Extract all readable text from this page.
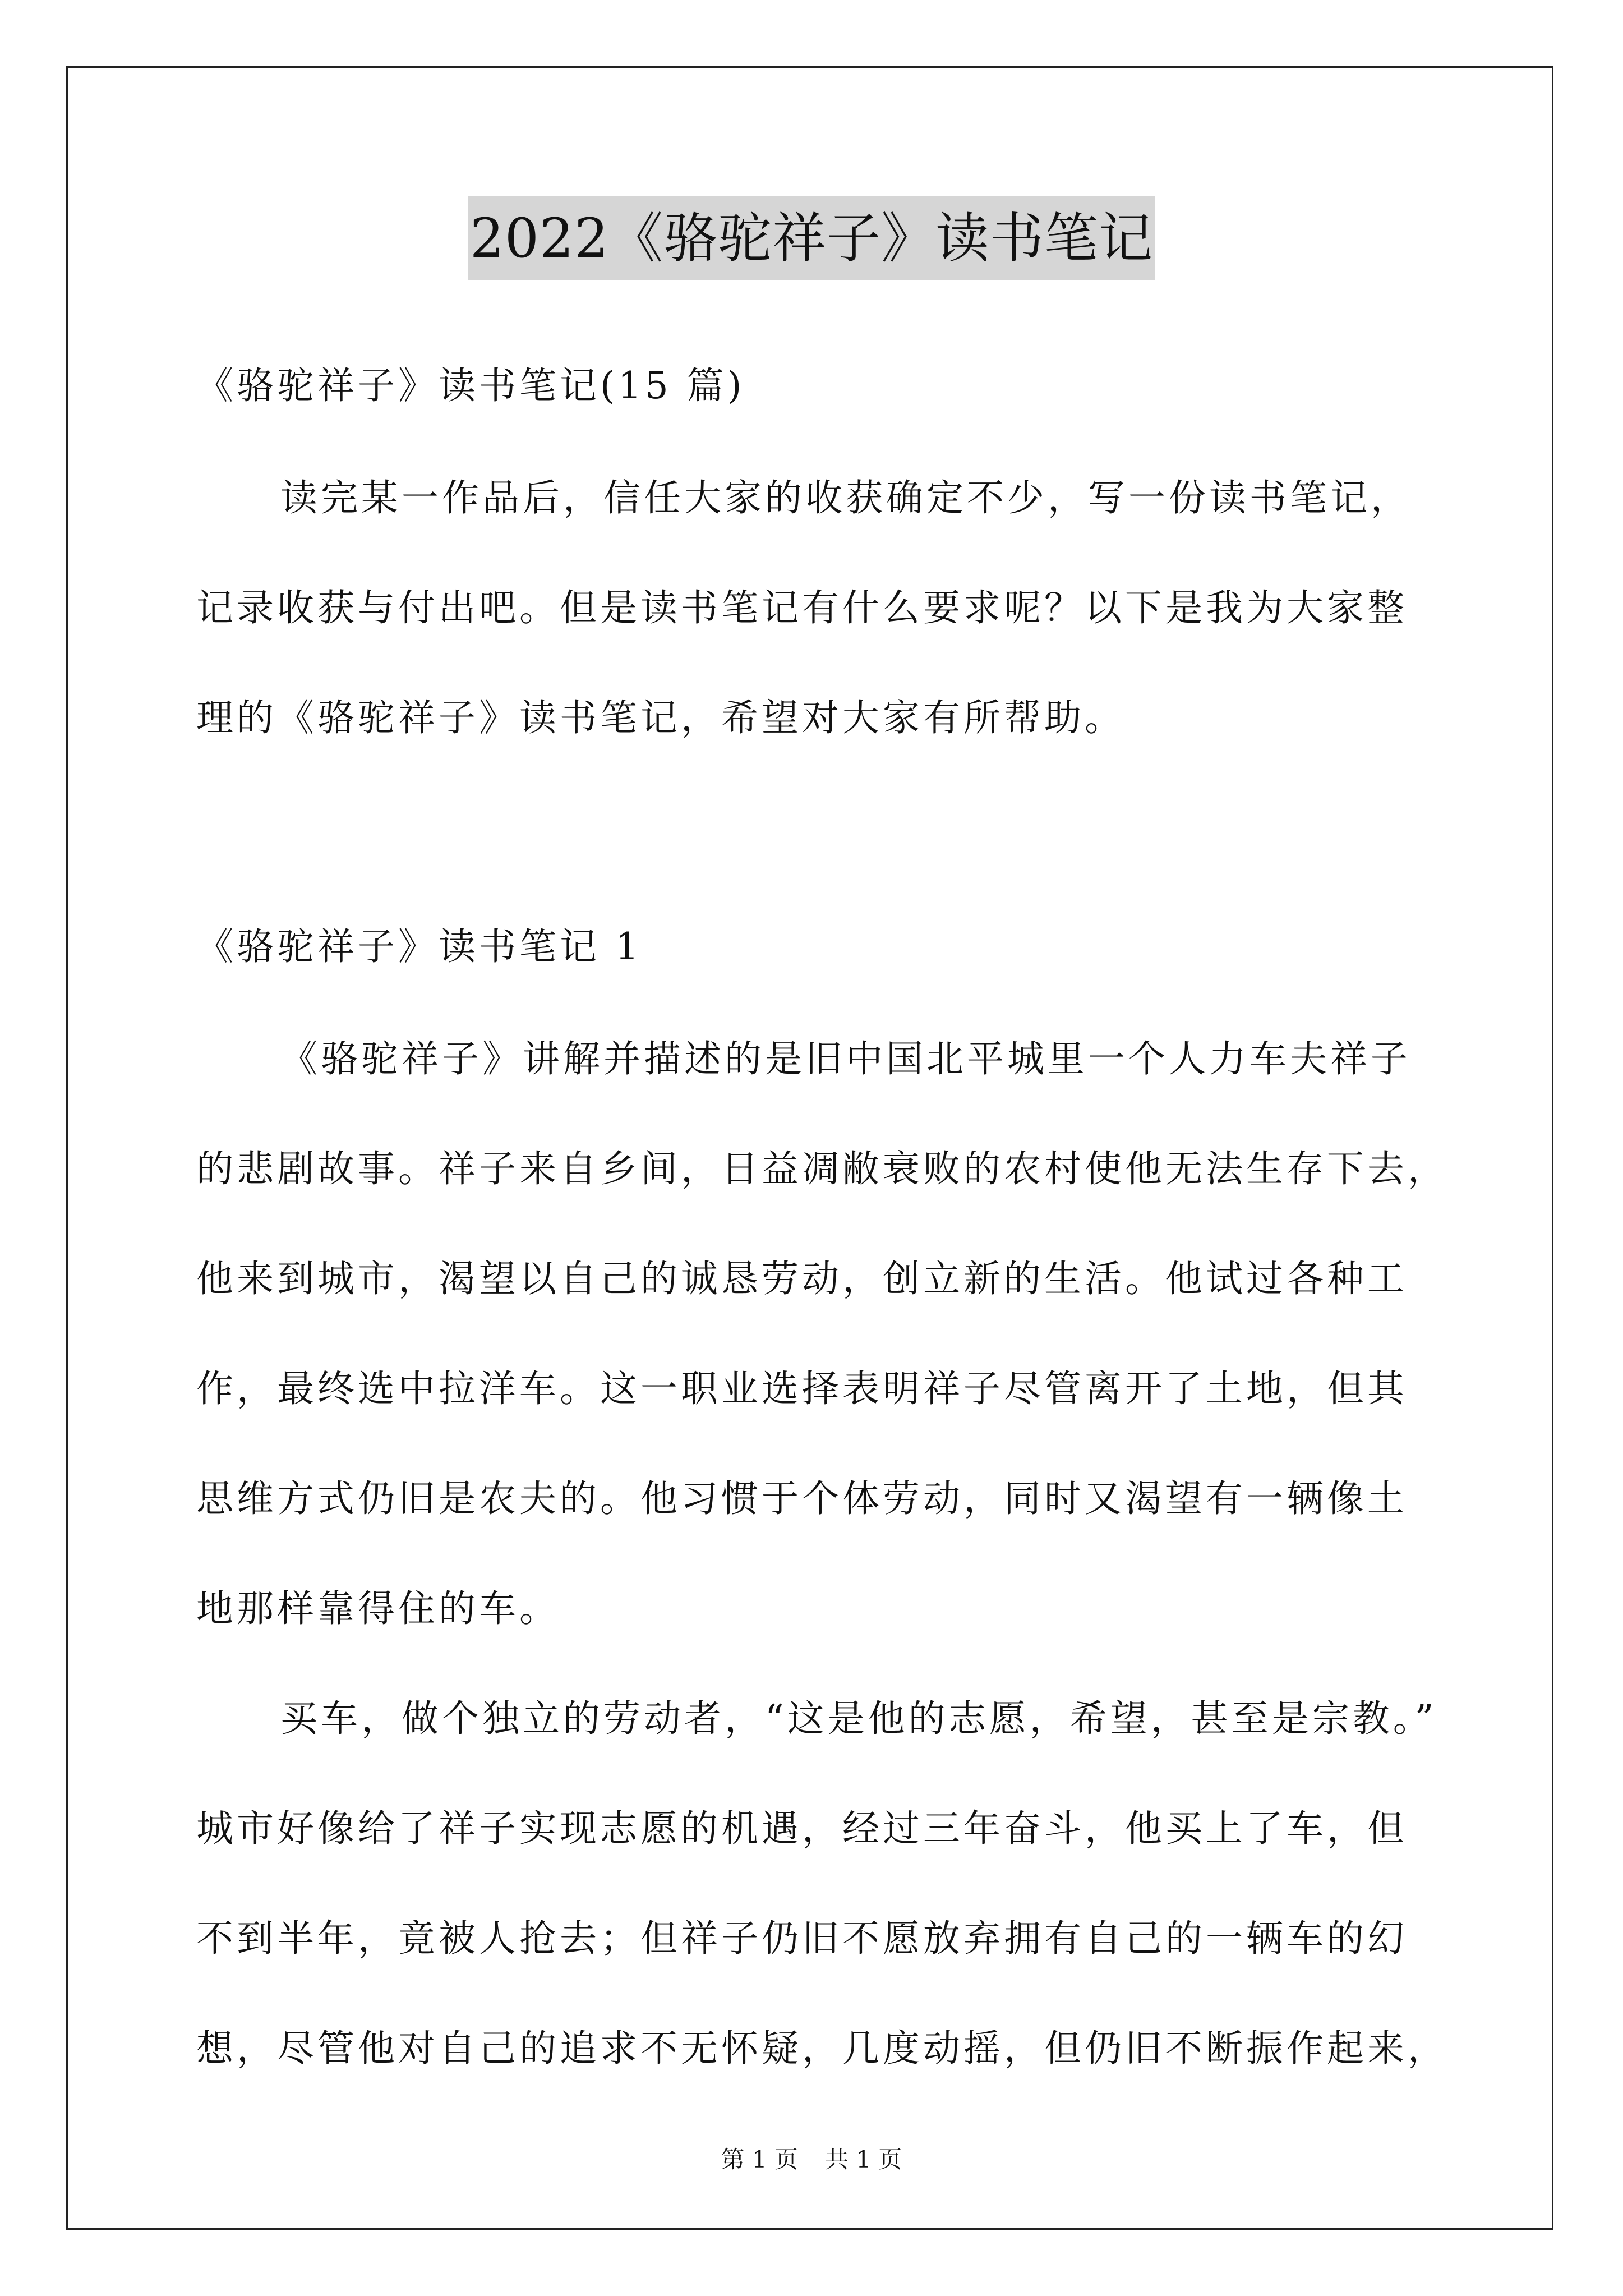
2022《骆驼祥子》读书笔记
《骆驼祥子》读书笔记(15 篇)
读完某一作品后，信任大家的收获确定不少，写一份读书笔记，
记录收获与付出吧。但是读书笔记有什么要求呢？以下是我为大家整
理的《骆驼祥子》读书笔记，希望对大家有所帮助。
《骆驼祥子》读书笔记 1
《骆驼祥子》讲解并描述的是旧中国北平城里一个人力车夫祥子
的悲剧故事。祥子来自乡间，日益凋敝衰败的农村使他无法生存下去，
他来到城市，渴望以自己的诚恳劳动，创立新的生活。他试过各种工
作，最终选中拉洋车。这一职业选择表明祥子尽管离开了土地，但其
思维方式仍旧是农夫的。他习惯于个体劳动，同时又渴望有一辆像土
地那样靠得住的车。
买车，做个独立的劳动者，“这是他的志愿，希望，甚至是宗教。”
城市好像给了祥子实现志愿的机遇，经过三年奋斗，他买上了车，但
不到半年，竟被人抢去；但祥子仍旧不愿放弃拥有自己的一辆车的幻
想，尽管他对自己的追求不无怀疑，几度动摇，但仍旧不断振作起来，
第 1 页 共 1 页
